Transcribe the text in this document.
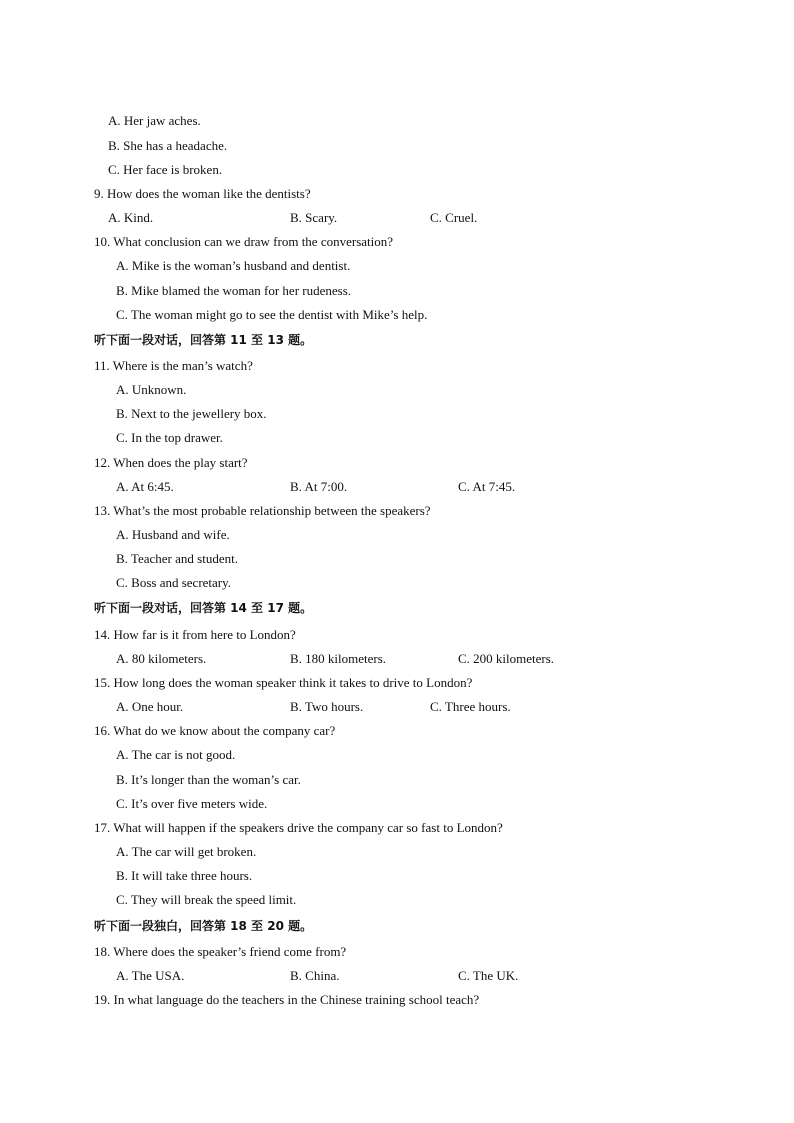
A. Her jaw aches.
B. She has a headache.
C. Her face is broken.
9. How does the woman like the dentists?
A. Kind.	B. Scary.	C. Cruel.
10. What conclusion can we draw from the conversation?
A. Mike is the woman’s husband and dentist.
B. Mike blamed the woman for her rudeness.
C. The woman might go to see the dentist with Mike’s help.
听下面一段对话，回答第 11 至 13 题。
11. Where is the man’s watch?
A. Unknown.
B. Next to the jewellery box.
C. In the top drawer.
12. When does the play start?
A. At 6:45.	B. At 7:00.	C. At 7:45.
13. What’s the most probable relationship between the speakers?
A. Husband and wife.
B. Teacher and student.
C. Boss and secretary.
听下面一段对话，回答第 14 至 17 题。
14. How far is it from here to London?
A. 80 kilometers.	B. 180 kilometers.	C. 200 kilometers.
15. How long does the woman speaker think it takes to drive to London?
A. One hour.	B. Two hours.	C. Three hours.
16. What do we know about the company car?
A. The car is not good.
B. It’s longer than the woman’s car.
C. It’s over five meters wide.
17. What will happen if the speakers drive the company car so fast to London?
A. The car will get broken.
B. It will take three hours.
C. They will break the speed limit.
听下面一段独白，回答第 18 至 20 题。
18. Where does the speaker’s friend come from?
A. The USA.	B. China.	C. The UK.
19. In what language do the teachers in the Chinese training school teach?
